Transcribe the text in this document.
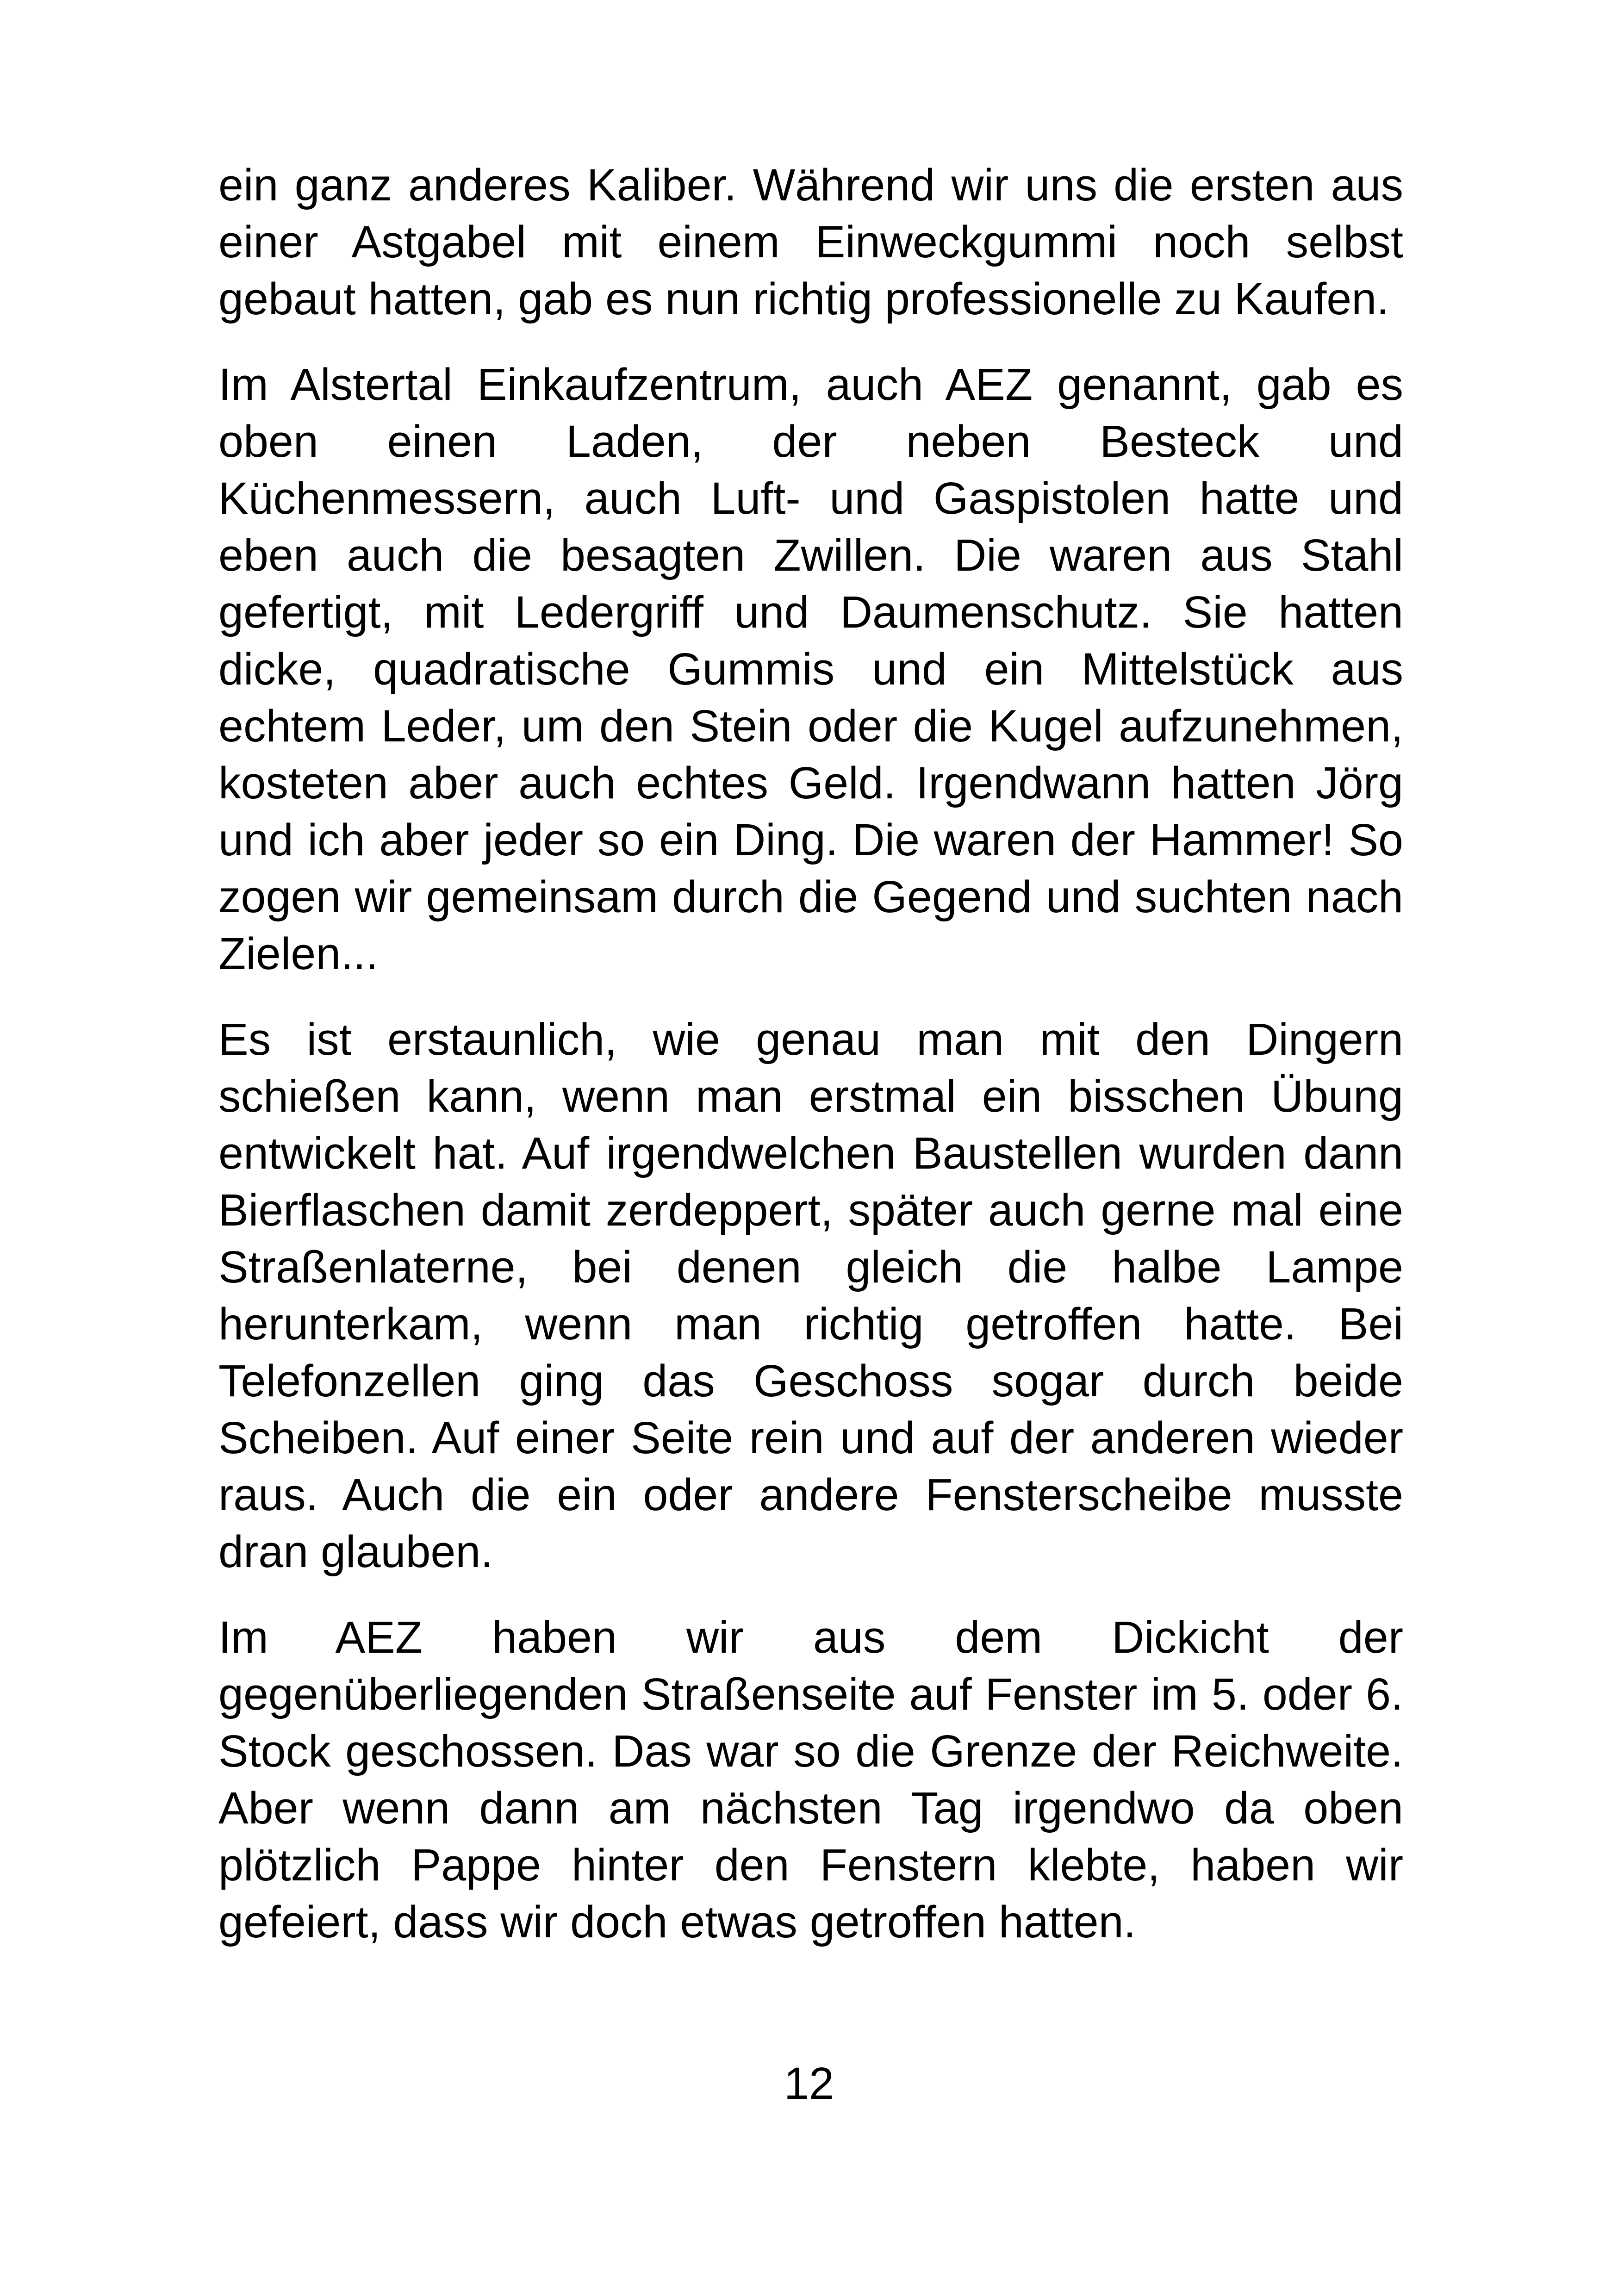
ein ganz anderes Kaliber. Während wir uns die ersten aus einer Astgabel mit einem Einweckgummi noch selbst gebaut hatten, gab es nun richtig professionelle zu Kaufen.

Im Alstertal Einkaufzentrum, auch AEZ genannt, gab es oben einen Laden, der neben Besteck und Küchenmessern, auch Luft- und Gaspistolen hatte und eben auch die besagten Zwillen. Die waren aus Stahl gefertigt, mit Ledergriff und Daumenschutz. Sie hatten dicke, quadratische Gummis und ein Mittelstück aus echtem Leder, um den Stein oder die Kugel aufzunehmen, kosteten aber auch echtes Geld. Irgendwann hatten Jörg und ich aber jeder so ein Ding. Die waren der Hammer! So zogen wir gemeinsam durch die Gegend und suchten nach Zielen...

Es ist erstaunlich, wie genau man mit den Dingern schießen kann, wenn man erstmal ein bisschen Übung entwickelt hat. Auf irgendwelchen Baustellen wurden dann Bierflaschen damit zerdeppert, später auch gerne mal eine Straßenlaterne, bei denen gleich die halbe Lampe herunterkam, wenn man richtig getroffen hatte. Bei Telefonzellen ging das Geschoss sogar durch beide Scheiben. Auf einer Seite rein und auf der anderen wieder raus. Auch die ein oder andere Fensterscheibe musste dran glauben.

Im AEZ haben wir aus dem Dickicht der gegenüberliegenden Straßenseite auf Fenster im 5. oder 6. Stock geschossen. Das war so die Grenze der Reichweite. Aber wenn dann am nächsten Tag irgendwo da oben plötzlich Pappe hinter den Fenstern klebte, haben wir gefeiert, dass wir doch etwas getroffen hatten.

12
